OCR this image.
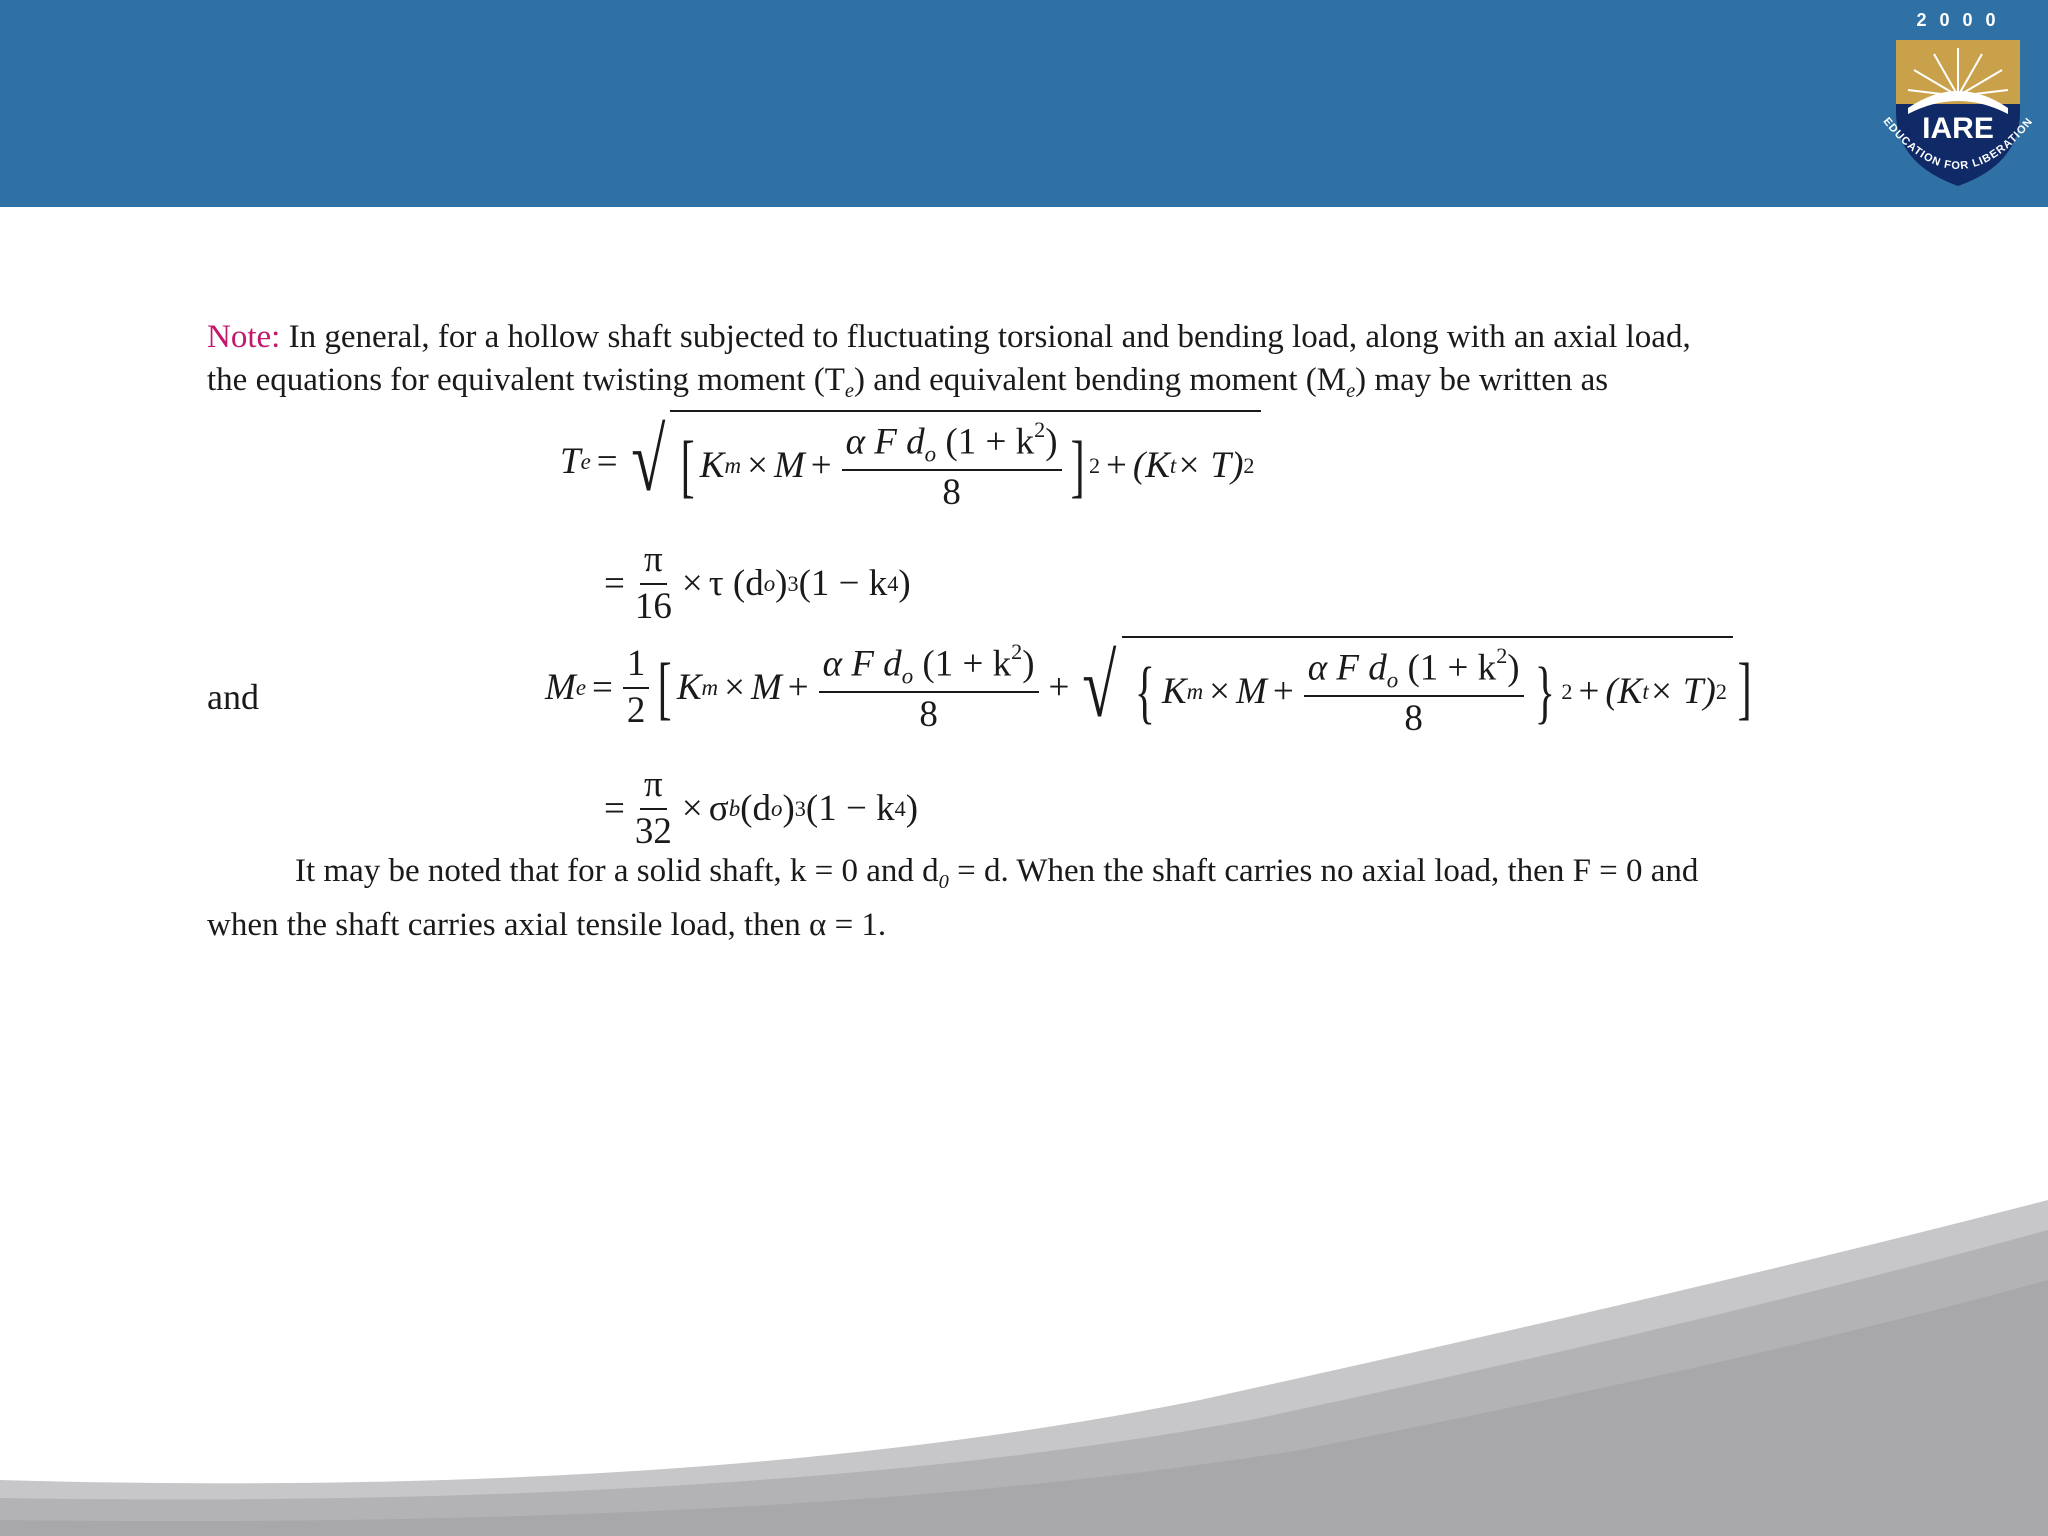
2 0 0 0
IARE
EDUCATION FOR LIBERATION

Note: In general, for a hollow shaft subjected to fluctuating torsional and bending load, along with an axial load, the equations for equivalent twisting moment $(T_e)$ and equivalent bending moment $(M_e)$ may be written as

T e = √ [ K $m \times M + \frac{\alpha F d_o (1 + k^2)}{8}$ ] 2 + (K t × T) 2
= $\frac{\pi}{16} \times \tau$ (d o ) 3 (1 − k 4 )
and	M $e = \frac{1}{2}$ [ K $m \times M + \frac{\alpha F d_o (1 + k^2)}{8}$ + √ { K $m \times M + \frac{\alpha F d_o (1 + k^2)}{8}$ } 2 + (K t × T) 2 ]
= $\frac{\pi}{32} \times \sigma$ b (d o ) 3 (1 − k 4 )

It may be noted that for a solid shaft, k = 0 and $d_0 = d$. When the shaft carries no axial load, then F = 0 and

when the shaft carries axial tensile load, then α = 1.
